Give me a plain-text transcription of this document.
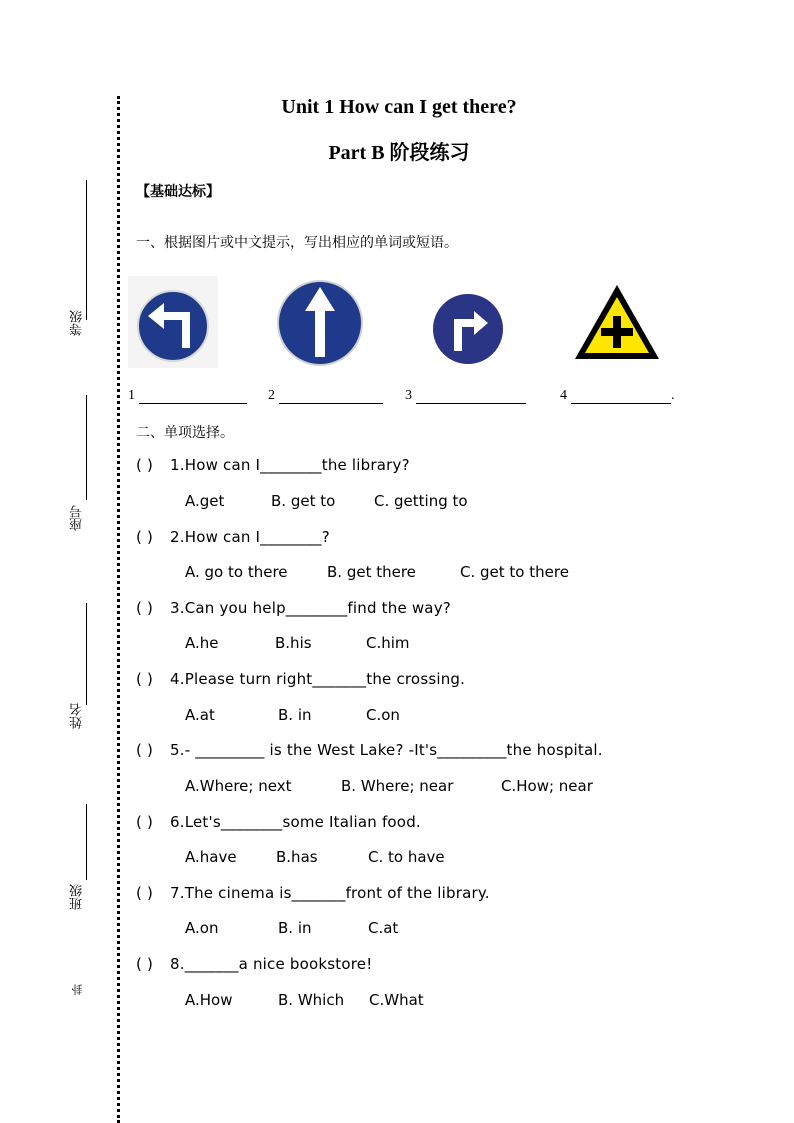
等级
座号
姓名
班级
卦
Unit 1 How can I get there?
Part B 阶段练习
【基础达标】
一、根据图片或中文提示，写出相应的单词或短语。
1	2	3	4	.
二、单项选择。
( ) 1.How can I________the library?
A.get	B. get to	C. getting to
( ) 2.How can I________?
A. go to there	B. get there	C. get to there
( ) 3.Can you help________find the way?
A.he	B.his	C.him
( ) 4.Please turn right_______the crossing.
A.at	B. in	C.on
( ) 5.- _________ is the West Lake? -It's_________the hospital.
A.Where; next	B. Where; near	C.How; near
( ) 6.Let's________some Italian food.
A.have	B.has	C. to have
( ) 7.The cinema is_______front of the library.
A.on	B. in	C.at
( ) 8._______a nice bookstore!
A.How	B. Which C.What
